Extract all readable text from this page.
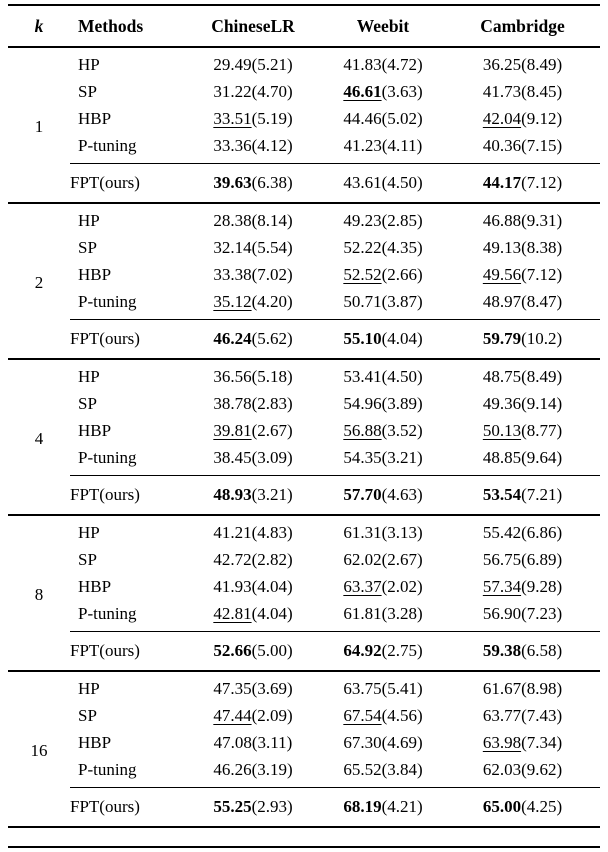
k	Methods	ChineseLR	Weebit	Cambridge
1	HP	29.49(5.21)	41.83(4.72)	36.25(8.49)
	SP	31.22(4.70)	46.61(3.63)	41.73(8.45)
	HBP	33.51(5.19)	44.46(5.02)	42.04(9.12)
	P-tuning	33.36(4.12)	41.23(4.11)	40.36(7.15)
	FPT(ours)	39.63(6.38)	43.61(4.50)	44.17(7.12)
2	HP	28.38(8.14)	49.23(2.85)	46.88(9.31)
	SP	32.14(5.54)	52.22(4.35)	49.13(8.38)
	HBP	33.38(7.02)	52.52(2.66)	49.56(7.12)
	P-tuning	35.12(4.20)	50.71(3.87)	48.97(8.47)
	FPT(ours)	46.24(5.62)	55.10(4.04)	59.79(10.2)
4	HP	36.56(5.18)	53.41(4.50)	48.75(8.49)
	SP	38.78(2.83)	54.96(3.89)	49.36(9.14)
	HBP	39.81(2.67)	56.88(3.52)	50.13(8.77)
	P-tuning	38.45(3.09)	54.35(3.21)	48.85(9.64)
	FPT(ours)	48.93(3.21)	57.70(4.63)	53.54(7.21)
8	HP	41.21(4.83)	61.31(3.13)	55.42(6.86)
	SP	42.72(2.82)	62.02(2.67)	56.75(6.89)
	HBP	41.93(4.04)	63.37(2.02)	57.34(9.28)
	P-tuning	42.81(4.04)	61.81(3.28)	56.90(7.23)
	FPT(ours)	52.66(5.00)	64.92(2.75)	59.38(6.58)
16	HP	47.35(3.69)	63.75(5.41)	61.67(8.98)
	SP	47.44(2.09)	67.54(4.56)	63.77(7.43)
	HBP	47.08(3.11)	67.30(4.69)	63.98(7.34)
	P-tuning	46.26(3.19)	65.52(3.84)	62.03(9.62)
	FPT(ours)	55.25(2.93)	68.19(4.21)	65.00(4.25)
